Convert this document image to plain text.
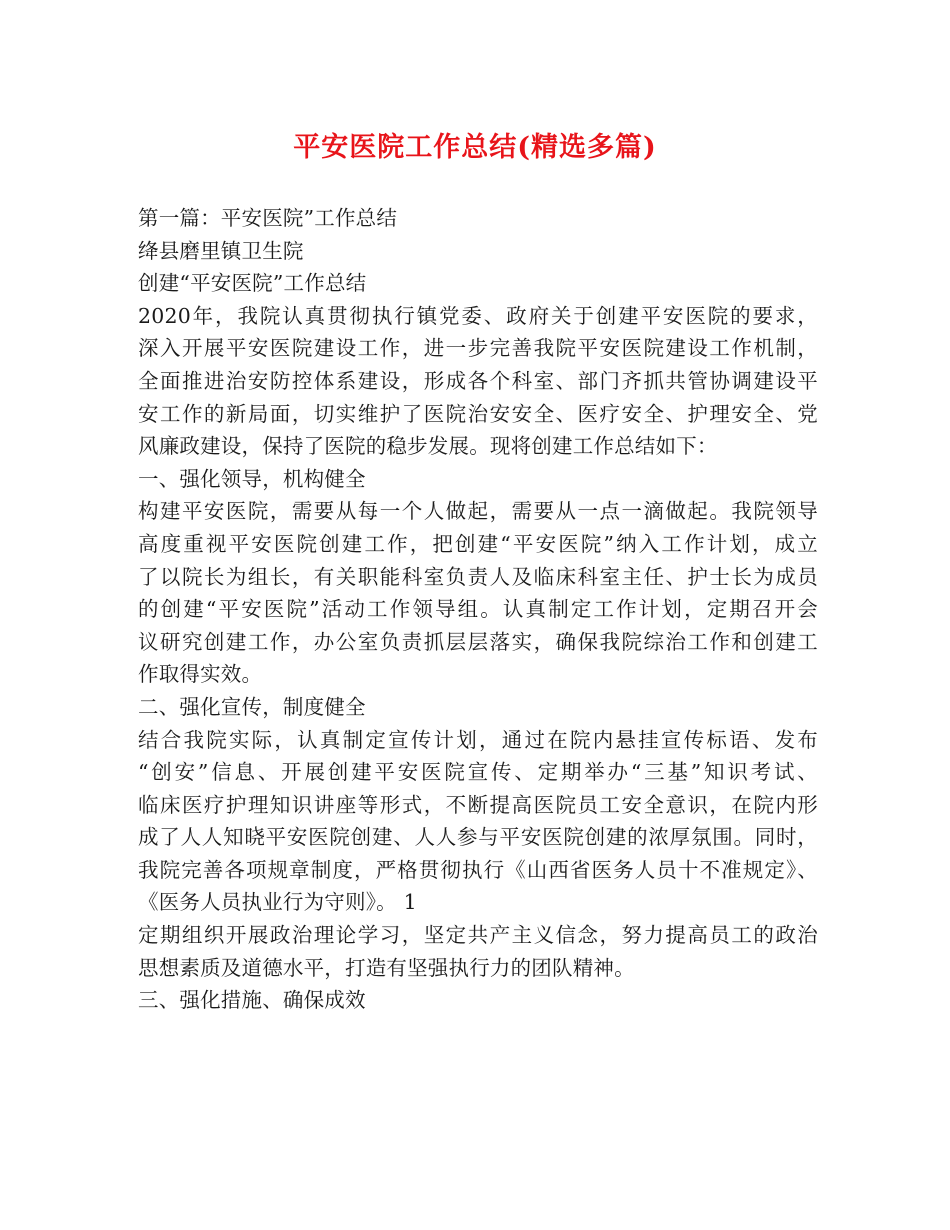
平安医院工作总结(精选多篇)
第一篇：平安医院”工作总结
绛县磨里镇卫生院
创建“平安医院”工作总结
2020年，我院认真贯彻执行镇党委、政府关于创建平安医院的要求，
深入开展平安医院建设工作，进一步完善我院平安医院建设工作机制，
全面推进治安防控体系建设，形成各个科室、部门齐抓共管协调建设平
安工作的新局面，切实维护了医院治安安全、医疗安全、护理安全、党
风廉政建设，保持了医院的稳步发展。现将创建工作总结如下：
一、强化领导，机构健全
构建平安医院，需要从每一个人做起，需要从一点一滴做起。我院领导
高度重视平安医院创建工作，把创建“平安医院”纳入工作计划，成立
了以院长为组长，有关职能科室负责人及临床科室主任、护士长为成员
的创建“平安医院”活动工作领导组。认真制定工作计划，定期召开会
议研究创建工作，办公室负责抓层层落实，确保我院综治工作和创建工
作取得实效。
二、强化宣传，制度健全
结合我院实际，认真制定宣传计划，通过在院内悬挂宣传标语、发布
“创安”信息、开展创建平安医院宣传、定期举办“三基”知识考试、
临床医疗护理知识讲座等形式，不断提高医院员工安全意识，在院内形
成了人人知晓平安医院创建、人人参与平安医院创建的浓厚氛围。同时，
我院完善各项规章制度，严格贯彻执行《山西省医务人员十不准规定》、
《医务人员执业行为守则》。 1
定期组织开展政治理论学习，坚定共产主义信念，努力提高员工的政治
思想素质及道德水平，打造有坚强执行力的团队精神。
三、强化措施、确保成效
